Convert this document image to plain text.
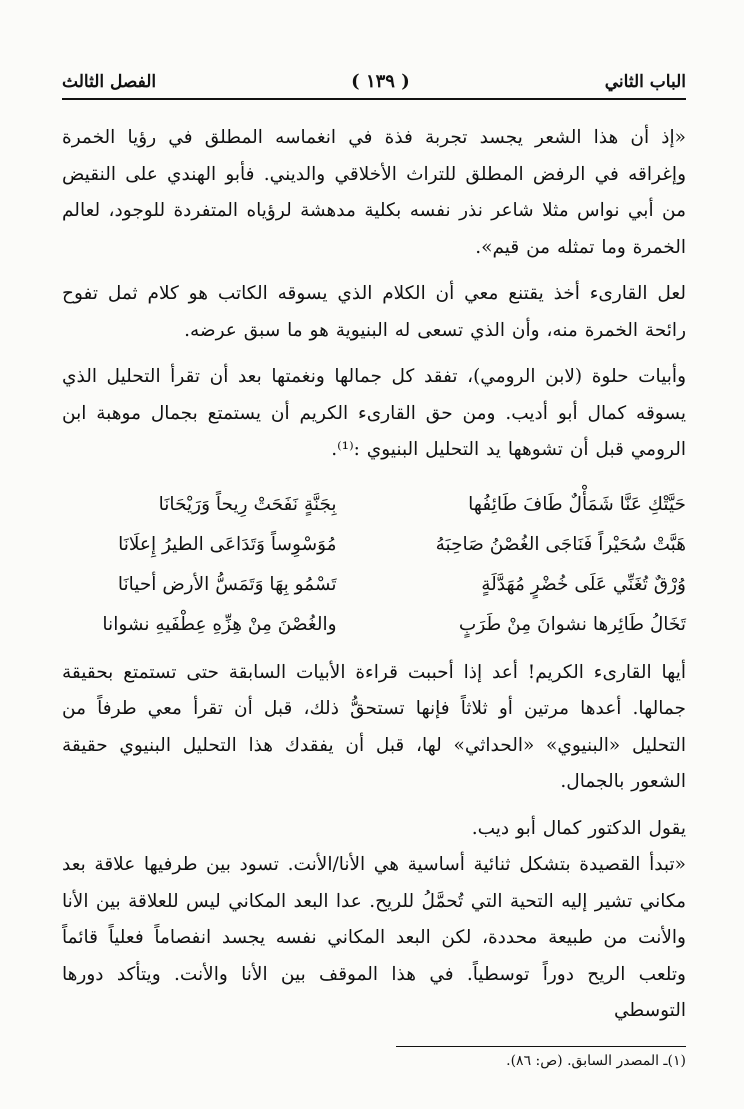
الباب الثاني
( ١٣٩ )
الفصل الثالث

«إذ أن هذا الشعر يجسد تجربة فذة في انغماسه المطلق في رؤيا الخمرة وإغراقه في الرفض المطلق للتراث الأخلاقي والديني. فأبو الهندي على النقيض من أبي نواس مثلا شاعر نذر نفسه بكلية مدهشة لرؤياه المتفردة للوجود، لعالم الخمرة وما تمثله من قيم».

لعل القارىء أخذ يقتنع معي أن الكلام الذي يسوقه الكاتب هو كلام ثمل تفوح رائحة الخمرة منه، وأن الذي تسعى له البنيوية هو ما سبق عرضه.

وأبيات حلوة (لابن الرومي)، تفقد كل جمالها ونغمتها بعد أن تقرأ التحليل الذي يسوقه كمال أبو أديب. ومن حق القارىء الكريم أن يستمتع بجمال موهبة ابن الرومي قبل أن تشوهها يد التحليل البنيوي :⁽¹⁾.

حَيَّتْكِ عَنَّا شَمَأْلٌ طَافَ طَائِفُها
بِجَنَّةٍ نَفَحَتْ رِيحاً وَرَيْحَانَا
هَبَّتْ سُحَيْراً فَنَاجَى الغُصْنُ صَاحِبَهُ
مُوَسْوِساً وَتَدَاعَى الطيرُ إِعلَانَا
وُرْقٌ تُغَنِّي عَلَى خُضْرٍ مُهَدَّلَةٍ
تَسْمُو بِهَا وَتَمَسُّ الأرض أحيانَا
تَخَالُ طَائِرها نشوانَ مِنْ طَرَبٍ
والغُصْنَ مِنْ هِزِّهِ عِطْفَيهِ نشوانا

أيها القارىء الكريم! أعد إذا أحببت قراءة الأبيات السابقة حتى تستمتع بحقيقة جمالها. أعدها مرتين أو ثلاثاً فإنها تستحقُّ ذلك، قبل أن تقرأ معي طرفاً من التحليل «البنيوي» «الحداثي» لها، قبل أن يفقدك هذا التحليل البنيوي حقيقة الشعور بالجمال.

يقول الدكتور كمال أبو ديب.

«تبدأ القصيدة بتشكل ثنائية أساسية هي الأنا/الأنت. تسود بين طرفيها علاقة بعد مكاني تشير إليه التحية التي تُحمَّلُ للريح. عدا البعد المكاني ليس للعلاقة بين الأنا والأنت من طبيعة محددة، لكن البعد المكاني نفسه يجسد انفصاماً فعلياً قائماً وتلعب الريح دوراً توسطياً. في هذا الموقف بين الأنا والأنت. ويتأكد دورها التوسطي

(١)ـ المصدر السابق. (ص: ٨٦).
